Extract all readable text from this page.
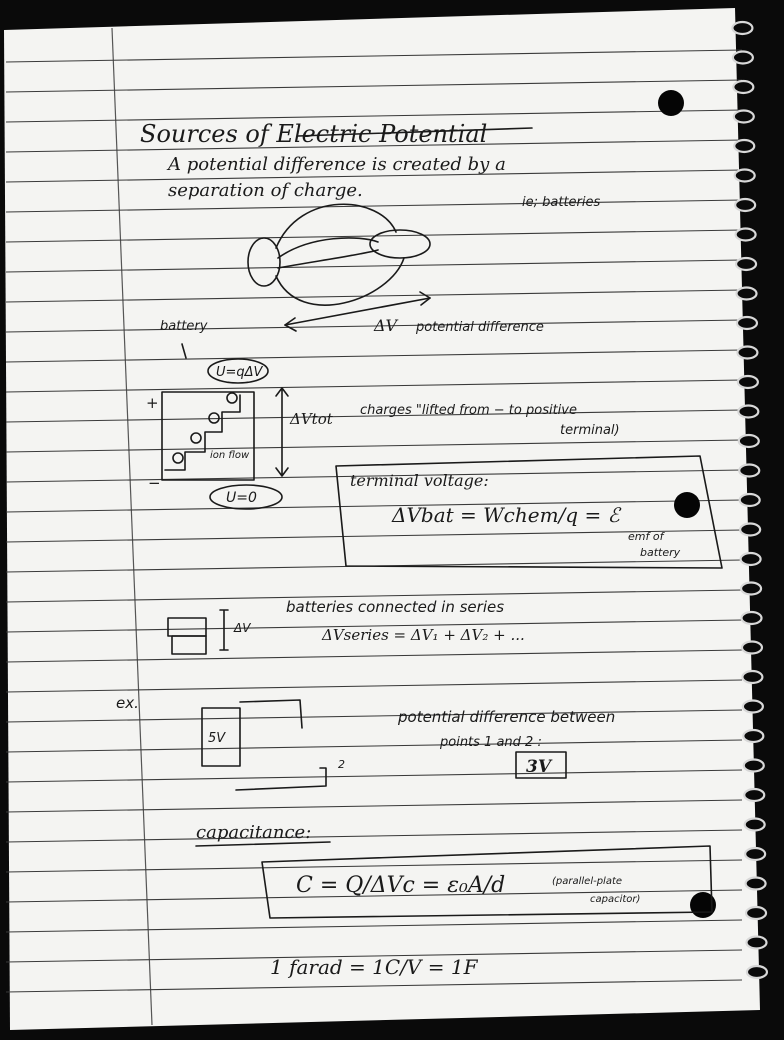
Sources of Electric Potential
A potential difference is created by a
separation of charge.
ie; batteries
ΔV potential difference
battery
U=qΔV
+
−
ion flow
U=0
ΔVtot charges "lifted from − to positive
terminal)
terminal voltage:
ΔVbat = Wchem/q = ℰ
emf of
battery
ΔV
batteries connected in series
ΔVseries = ΔV₁ + ΔV₂ + ...
ex.
5V
2
potential difference between
points 1 and 2 :
3V
capacitance:
C = Q/ΔVc = ε₀A/d	(parallel-plate
capacitor)
1 farad = 1C/V = 1F
